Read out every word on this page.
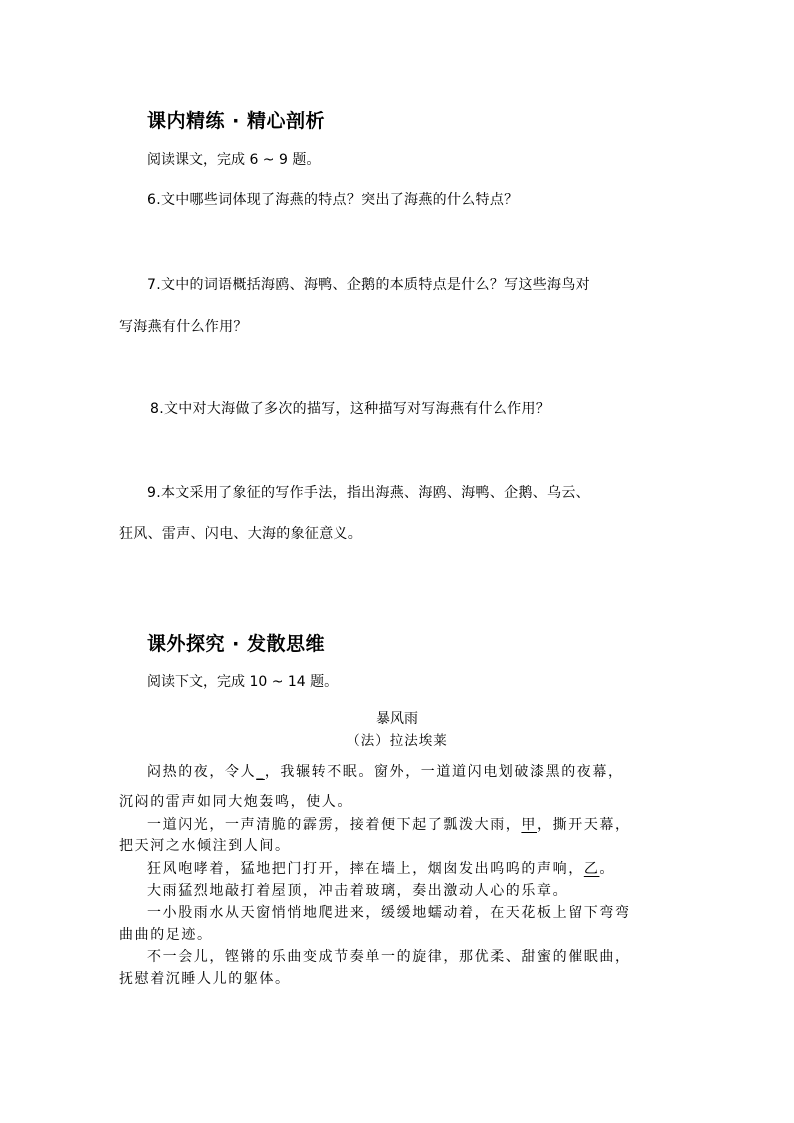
课内精练 · 精心剖析
阅读课文，完成 6 ~ 9 题。
6.文中哪些词体现了海燕的特点？突出了海燕的什么特点？
7.文中的词语概括海鸥、海鸭、企鹅的本质特点是什么？写这些海鸟对
写海燕有什么作用？
8.文中对大海做了多次的描写，这种描写对写海燕有什么作用？
9.本文采用了象征的写作手法，指出海燕、海鸥、海鸭、企鹅、乌云、
狂风、雷声、闪电、大海的象征意义。
课外探究 · 发散思维
阅读下文，完成 10 ~ 14 题。
暴风雨
（法）拉法埃莱
闷热的夜，令人_，我辗转不眠。窗外，一道道闪电划破漆黑的夜幕，
沉闷的雷声如同大炮轰鸣，使人。
一道闪光，一声清脆的霹雳，接着便下起了瓢泼大雨，甲，撕开天幕，
把天河之水倾注到人间。
狂风咆哮着，猛地把门打开，摔在墙上，烟囱发出呜呜的声响，乙。
大雨猛烈地敲打着屋顶，冲击着玻璃，奏出激动人心的乐章。
一小股雨水从天窗悄悄地爬进来，缓缓地蠕动着，在天花板上留下弯弯
曲曲的足迹。
不一会儿，铿锵的乐曲变成节奏单一的旋律，那优柔、甜蜜的催眠曲，
抚慰着沉睡人儿的躯体。
